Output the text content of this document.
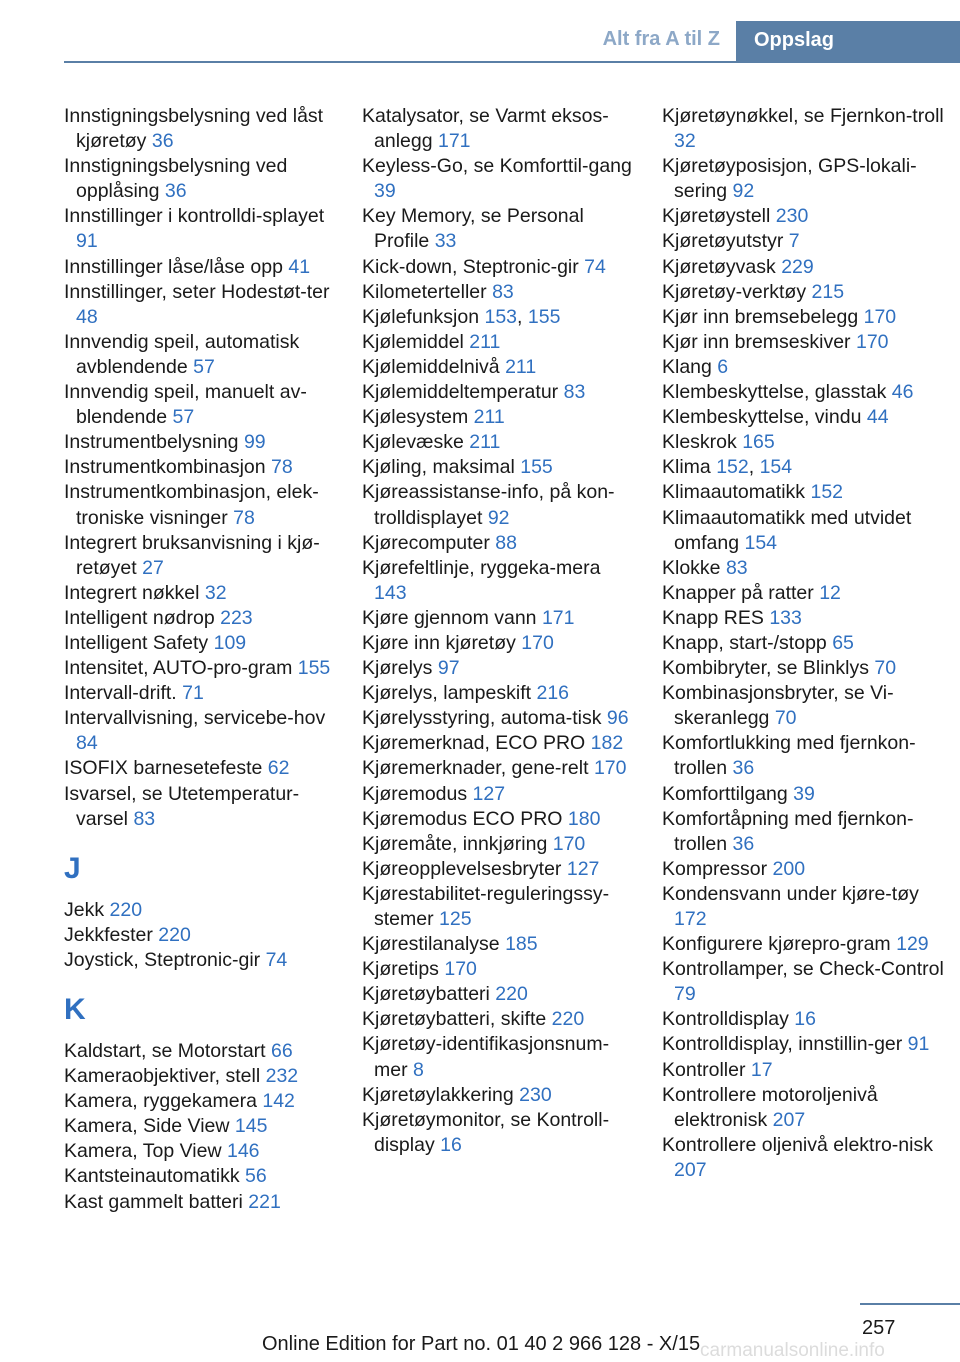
Alt fra A til Z	Oppslag
Innstigningsbelysning ved låst kjøretøy 36
Innstigningsbelysning ved opplåsing 36
Innstillinger i kontrolldi-splayet 91
Innstillinger låse/låse opp 41
Innstillinger, seter Hodestøt-ter 48
Innvendig speil, automatisk avblendende 57
Innvendig speil, manuelt av-blendende 57
Instrumentbelysning 99
Instrumentkombinasjon 78
Instrumentkombinasjon, elek-troniske visninger 78
Integrert bruksanvisning i kjø-retøyet 27
Integrert nøkkel 32
Intelligent nødrop 223
Intelligent Safety 109
Intensitet, AUTO-pro-gram 155
Intervall-drift. 71
Intervallvisning, servicebe-hov 84
ISOFIX barnesetefeste 62
Isvarsel, se Utetemperatur-varsel 83
J
Jekk 220
Jekkfester 220
Joystick, Steptronic-gir 74
K
Kaldstart, se Motorstart 66
Kameraobjektiver, stell 232
Kamera, ryggekamera 142
Kamera, Side View 145
Kamera, Top View 146
Kantsteinautomatikk 56
Kast gammelt batteri 221
Katalysator, se Varmt eksos-anlegg 171
Keyless-Go, se Komforttil-gang 39
Key Memory, se Personal Profile 33
Kick-down, Steptronic-gir 74
Kilometerteller 83
Kjølefunksjon 153, 155
Kjølemiddel 211
Kjølemiddelnivå 211
Kjølemiddeltemperatur 83
Kjølesystem 211
Kjølevæske 211
Kjøling, maksimal 155
Kjøreassistanse-info, på kon-trolldisplayet 92
Kjørecomputer 88
Kjørefeltlinje, ryggeka-mera 143
Kjøre gjennom vann 171
Kjøre inn kjøretøy 170
Kjørelys 97
Kjørelys, lampeskift 216
Kjørelysstyring, automa-tisk 96
Kjøremerknad, ECO PRO 182
Kjøremerknader, gene-relt 170
Kjøremodus 127
Kjøremodus ECO PRO 180
Kjøremåte, innkjøring 170
Kjøreopplevelsesbryter 127
Kjørestabilitet-reguleringssy-stemer 125
Kjørestilanalyse 185
Kjøretips 170
Kjøretøybatteri 220
Kjøretøybatteri, skifte 220
Kjøretøy-identifikasjonsnum-mer 8
Kjøretøylakkering 230
Kjøretøymonitor, se Kontroll-display 16
Kjøretøynøkkel, se Fjernkon-troll 32
Kjøretøyposisjon, GPS-lokali-sering 92
Kjøretøystell 230
Kjøretøyutstyr 7
Kjøretøyvask 229
Kjøretøy-verktøy 215
Kjør inn bremsebelegg 170
Kjør inn bremseskiver 170
Klang 6
Klembeskyttelse, glasstak 46
Klembeskyttelse, vindu 44
Kleskrok 165
Klima 152, 154
Klimaautomatikk 152
Klimaautomatikk med utvidet omfang 154
Klokke 83
Knapper på ratter 12
Knapp RES 133
Knapp, start-/stopp 65
Kombibryter, se Blinklys 70
Kombinasjonsbryter, se Vi-skeranlegg 70
Komfortlukking med fjernkon-trollen 36
Komforttilgang 39
Komfortåpning med fjernkon-trollen 36
Kompressor 200
Kondensvann under kjøre-tøy 172
Konfigurere kjørepro-gram 129
Kontrollamper, se Check-Control 79
Kontrolldisplay 16
Kontrolldisplay, innstillin-ger 91
Kontroller 17
Kontrollere motoroljenivå elektronisk 207
Kontrollere oljenivå elektro-nisk 207
257
Online Edition for Part no. 01 40 2 966 128 - X/15 carmanualsonline.info
